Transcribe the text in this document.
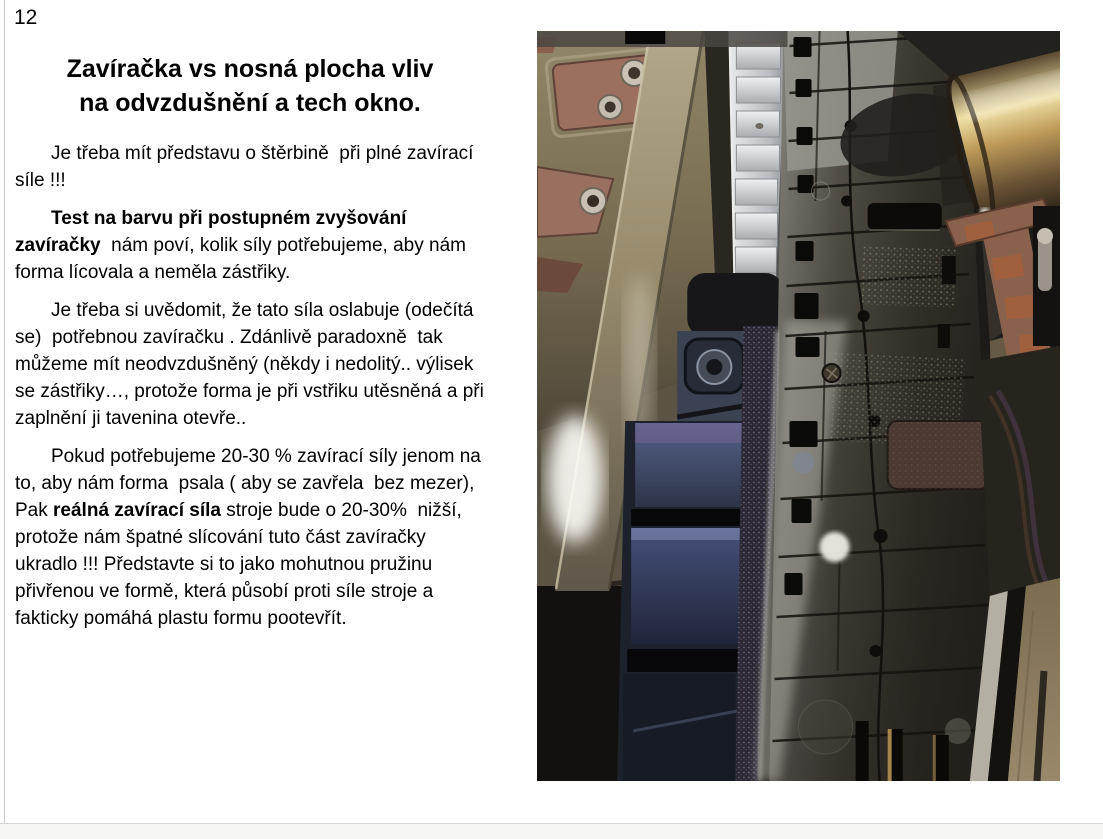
12
Zavíračka vs nosná plocha vliv na odvzdušnění a tech okno.

Je třeba mít představu o štěrbině  při plné zavírací síle !!!

Test na barvu při postupném zvyšování zavíračky  nám poví, kolik síly potřebujeme, aby nám forma lícovala a neměla zástřiky.

Je třeba si uvědomit, že tato síla oslabuje (odečítá se)  potřebnou zavíračku . Zdánlivě paradoxně  tak můžeme mít neodvzdušněný (někdy i nedolitý.. výlisek se zástřiky…, protože forma je při vstřiku utěsněná a při zaplnění ji tavenina otevře..

Pokud potřebujeme 20-30 % zavírací síly jenom na to, aby nám forma  psala ( aby se zavřela  bez mezer), Pak reálná zavírací síla stroje bude o 20-30%  nižší, protože nám špatné slícování tuto část zavíračky ukradlo !!! Představte si to jako mohutnou pružinu přivřenou ve formě, která působí proti síle stroje a  fakticky pomáhá plastu formu pootevřít.
